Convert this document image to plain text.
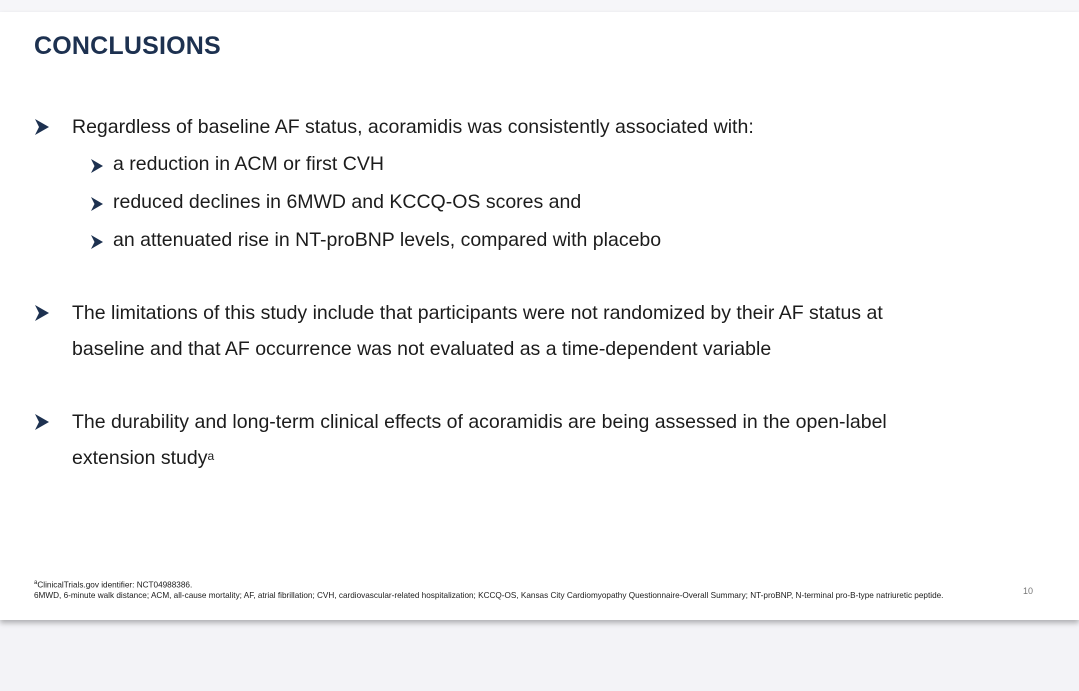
CONCLUSIONS
Regardless of baseline AF status, acoramidis was consistently associated with:
a reduction in ACM or first CVH
reduced declines in 6MWD and KCCQ-OS scores and
an attenuated rise in NT-proBNP levels, compared with placebo
The limitations of this study include that participants were not randomized by their AF status at
baseline and that AF occurrence was not evaluated as a time-dependent variable
The durability and long-term clinical effects of acoramidis are being assessed in the open-label
extension study$^a$
$^a$ClinicalTrials.gov identifier: NCT04988386.
6MWD, 6-minute walk distance; ACM, all-cause mortality; AF, atrial fibrillation; CVH, cardiovascular-related hospitalization; KCCQ-OS, Kansas City Cardiomyopathy Questionnaire-Overall Summary; NT-proBNP, N-terminal pro-B-type natriuretic peptide.	10
